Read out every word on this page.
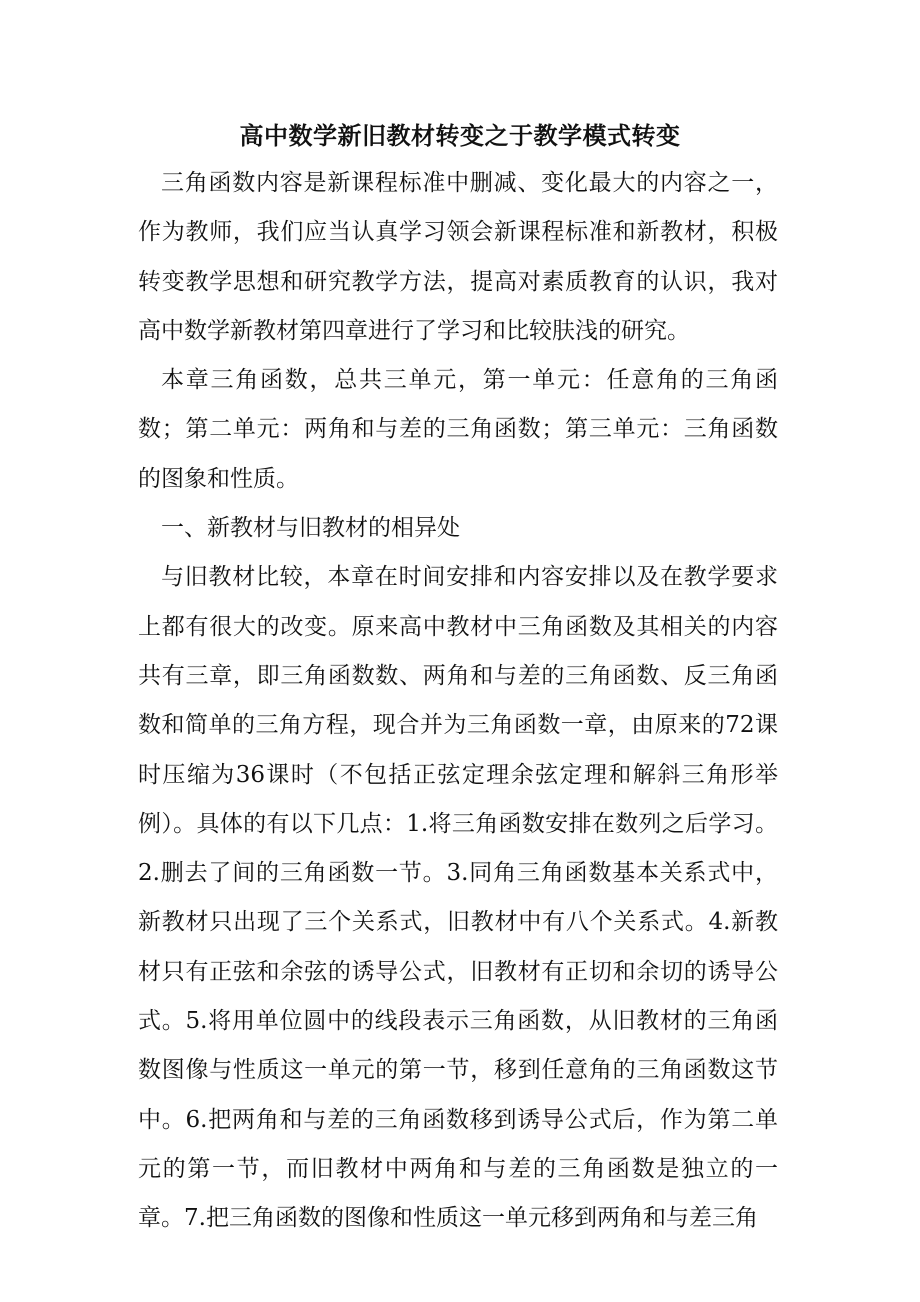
高中数学新旧教材转变之于教学模式转变

三角函数内容是新课程标准中删减、变化最大的内容之一，作为教师，我们应当认真学习领会新课程标准和新教材，积极转变教学思想和研究教学方法，提高对素质教育的认识，我对高中数学新教材第四章进行了学习和比较肤浅的研究。

本章三角函数，总共三单元，第一单元：任意角的三角函数；第二单元：两角和与差的三角函数；第三单元：三角函数的图象和性质。

一、新教材与旧教材的相异处

与旧教材比较，本章在时间安排和内容安排以及在教学要求上都有很大的改变。原来高中教材中三角函数及其相关的内容共有三章，即三角函数数、两角和与差的三角函数、反三角函数和简单的三角方程，现合并为三角函数一章，由原来的72课时压缩为36课时（不包括正弦定理余弦定理和解斜三角形举例）。具体的有以下几点：1.将三角函数安排在数列之后学习。2.删去了间的三角函数一节。3.同角三角函数基本关系式中，新教材只出现了三个关系式，旧教材中有八个关系式。4.新教材只有正弦和余弦的诱导公式，旧教材有正切和余切的诱导公式。5.将用单位圆中的线段表示三角函数，从旧教材的三角函数图像与性质这一单元的第一节，移到任意角的三角函数这节中。6.把两角和与差的三角函数移到诱导公式后，作为第二单元的第一节，而旧教材中两角和与差的三角函数是独立的一章。7.把三角函数的图像和性质这一单元移到两角和与差三角
